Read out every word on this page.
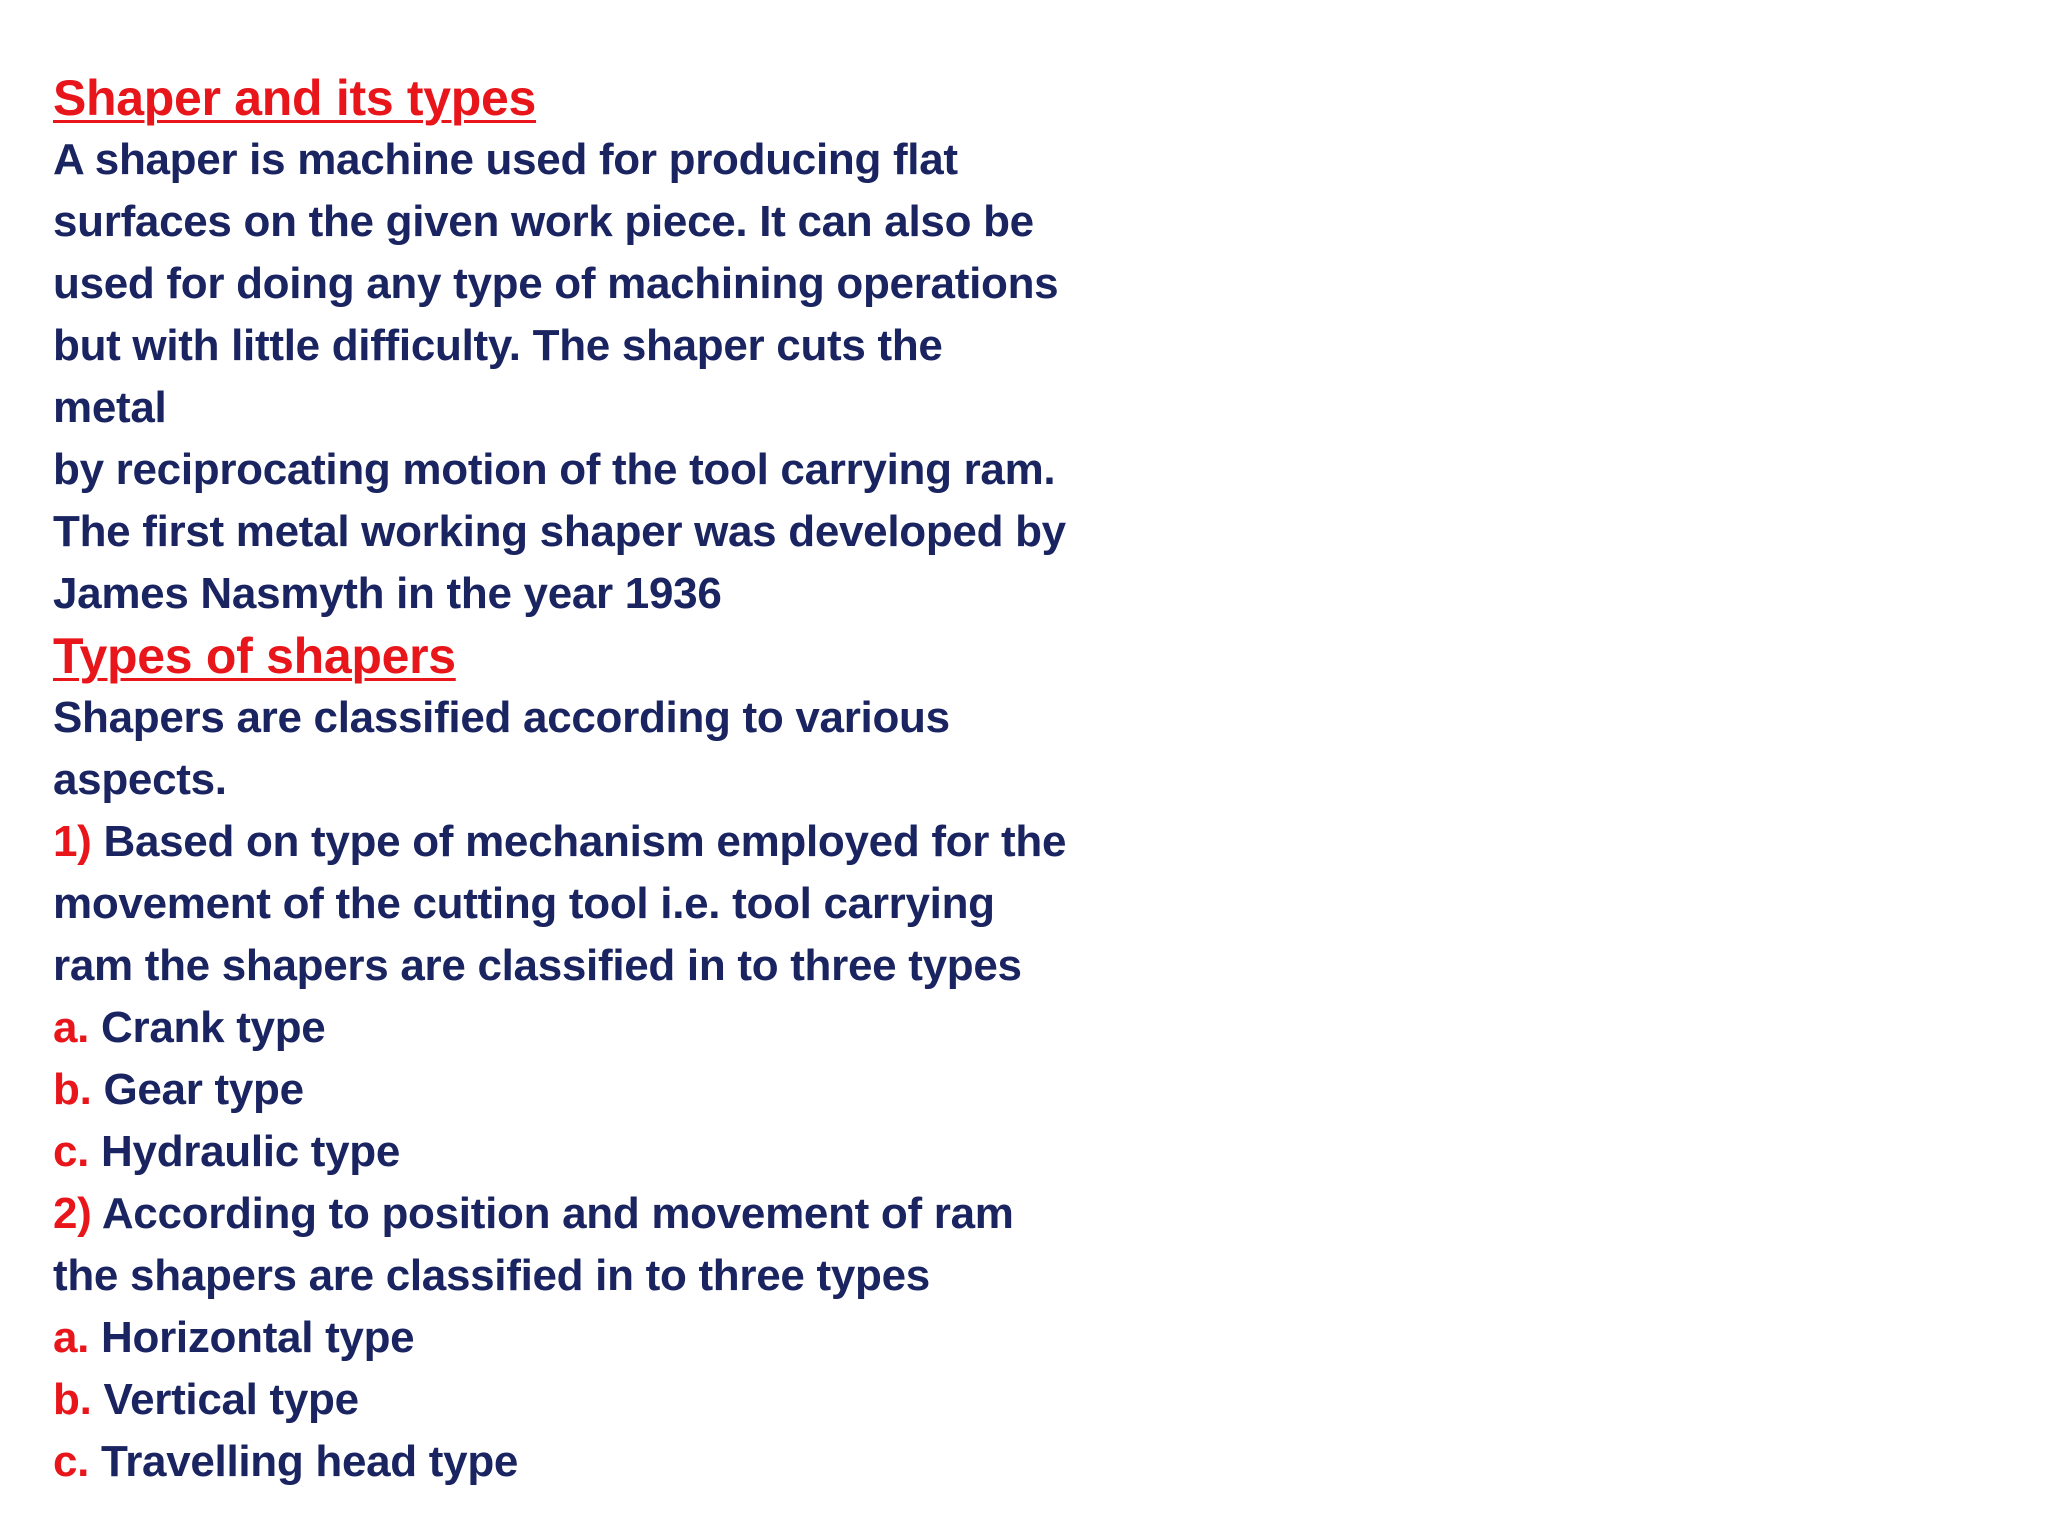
Shaper and its types
A shaper is machine used for producing flat
surfaces on the given work piece. It can also be
used for doing any type of machining operations
but with little difficulty. The shaper cuts the
metal
by reciprocating motion of the tool carrying ram.
The first metal working shaper was developed by
James Nasmyth in the year 1936
Types of shapers
Shapers are classified according to various
aspects.
1) Based on type of mechanism employed for the
movement of the cutting tool i.e. tool carrying
ram the shapers are classified in to three types
a. Crank type
b. Gear type
c. Hydraulic type
2) According to position and movement of ram
the shapers are classified in to three types
a. Horizontal type
b. Vertical type
c. Travelling head type
